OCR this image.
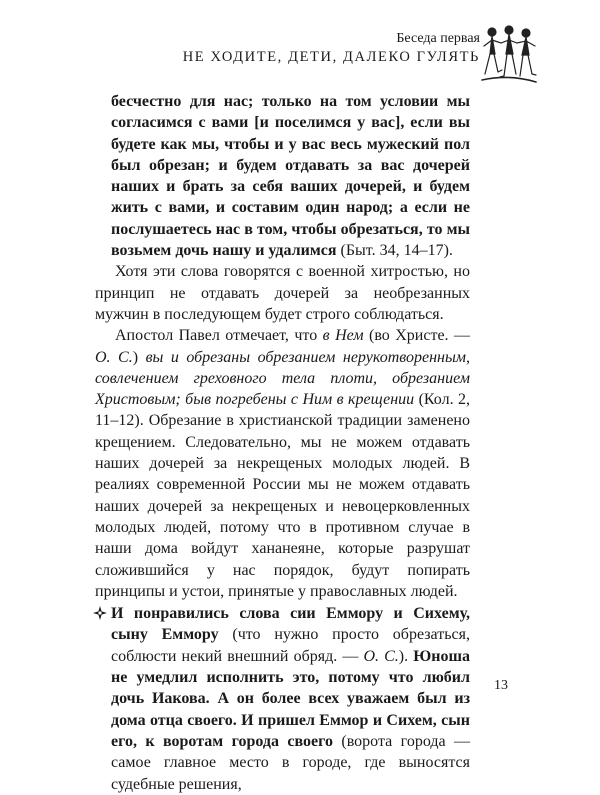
Беседа первая
НЕ ХОДИТЕ, ДЕТИ, ДАЛЕКО ГУЛЯТЬ

бесчестно для нас; только на том условии мы согласимся с вами [и поселимся у вас], если вы будете как мы, чтобы и у вас весь мужеский пол был обрезан; и будем отдавать за вас дочерей наших и брать за себя ваших дочерей, и будем жить с вами, и составим один народ; а если не послушаетесь нас в том, чтобы обрезаться, то мы возьмем дочь нашу и удалимся (Быт. 34, 14–17).

Хотя эти слова говорятся с военной хитростью, но принцип не отдавать дочерей за необрезанных мужчин в последующем будет строго соблюдаться.

Апостол Павел отмечает, что в Нем (во Христе. — О. С.) вы и обрезаны обрезанием нерукотворенным, совлечением греховного тела плоти, обрезанием Христовым; быв погребены с Ним в крещении (Кол. 2, 11–12). Обрезание в христианской традиции заменено крещением. Следовательно, мы не можем отдавать наших дочерей за некрещеных молодых людей. В реалиях современной России мы не можем отдавать наших дочерей за некрещеных и невоцерковленных молодых людей, потому что в противном случае в наши дома войдут хананеяне, которые разрушат сложившийся у нас порядок, будут попирать принципы и устои, принятые у православных людей.

И понравились слова сии Еммору и Сихему, сыну Еммору (что нужно просто обрезаться, соблюсти некий внешний обряд. — О. С.). Юноша не умедлил исполнить это, потому что любил дочь Иакова. А он более всех уважаем был из дома отца своего. И пришел Еммор и Сихем, сын его, к воротам города своего (ворота города — самое главное место в городе, где выносятся судебные решения,

13
